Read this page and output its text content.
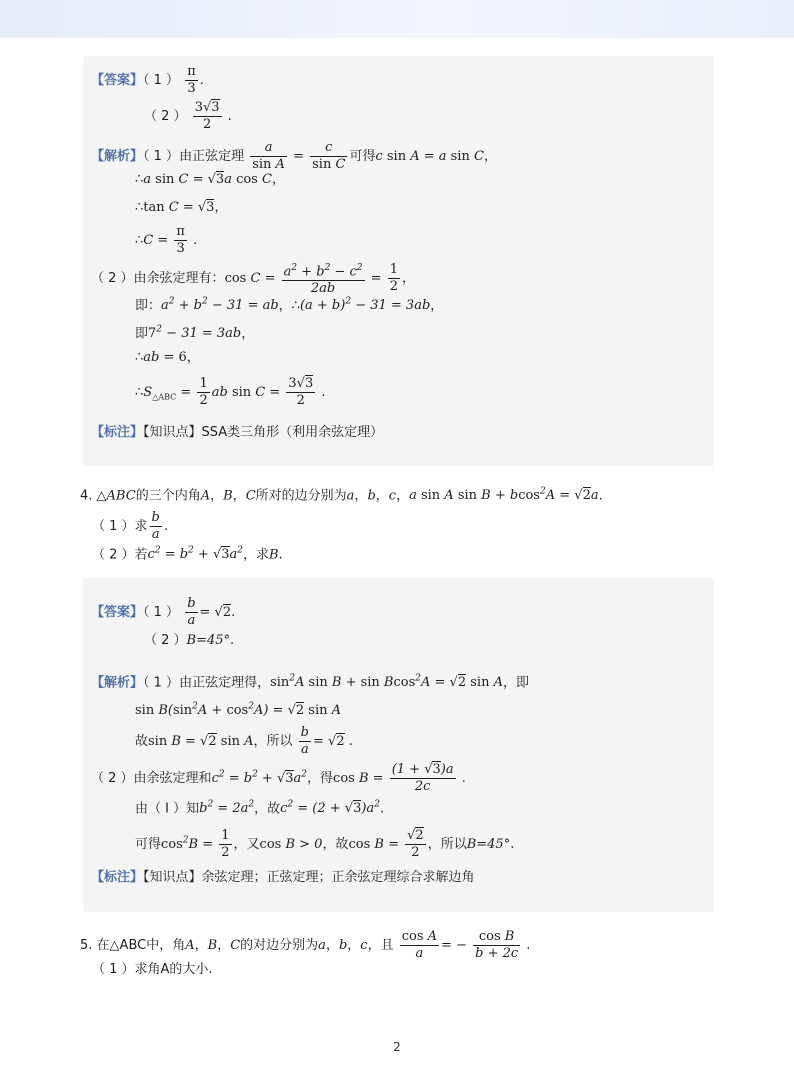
【答案】（ 1 ） $\frac{\pi}{3}$ .
（ 2 ） $\frac{3√3}{2}$ .
【解析】（ 1 ）由正弦定理 $\frac{a}{\text{sin A}} = \frac{c}{\text{sin C}}$ 可得c sin A = a sin C，
∴a sin C = √3a cos C，
∴tan C = √3，
∴C = $\frac{\pi}{3}$ .
（ 2 ）由余弦定理有：$\cos C = \frac{a^2 + b^2 - c^2}{2ab} = \frac{1}{2}$ ，
即：$a^2 + b^2 - 31$ = ab，∴(a + b)$^2$ − 31 = 3ab，
即$7^2 - 31 = 3ab$，
∴ab = 6，
$\therefore S_{\triangle ABC} = \frac{1}{2}$ ab $\sin C = \frac{3√3}{2}$ .
【标注】【知识点】SSA类三角形（利用余弦定理）
4. △ABC的三个内角A，B，C所对的边分别为a，b，c，a sin A sin B + bcos$^2$A = √2a.
（ 1 ）求 $\frac{b}{a}$ .
（ 2 ）若$c^2 = b^2 + √3a^2$，求B.
【答案】（ 1 ） $\frac{b}{a} = √2$.
（ 2 ）B=45°.
【解析】（ 1 ）由正弦定理得，$\sin^2A$ sin B + sin Bcos$^2$A = √2 sin A，即
$\sin B(\sin^2A + \cos^2A) = √2$ sin A
故sin B = √2 sin A，所以 $\frac{b}{a} = √2$ .
（ 2 ）由余弦定理和$c^2 = b^2 + √3a^2$，得$\cos B = \frac{(1 + √3)a}{2c}$ .
由（ Ⅰ ）知$b^2 = 2a^2$，故$c^2 = (2 + √3)a^2$.
可得$\cos^2B = \frac{1}{2}$ ，又cos B > 0，故$\cos B = \frac{√2}{2}$ ，所以B=45°.
【标注】【知识点】余弦定理；正弦定理；正余弦定理综合求解边角
5. 在△ABC中，角A，B，C的对边分别为a，b，c，且 $\frac{\text{cos A}}{a}$ = − $\frac{\text{cos B}}{b + 2c}$ .
（ 1 ）求角A的大小.
2
